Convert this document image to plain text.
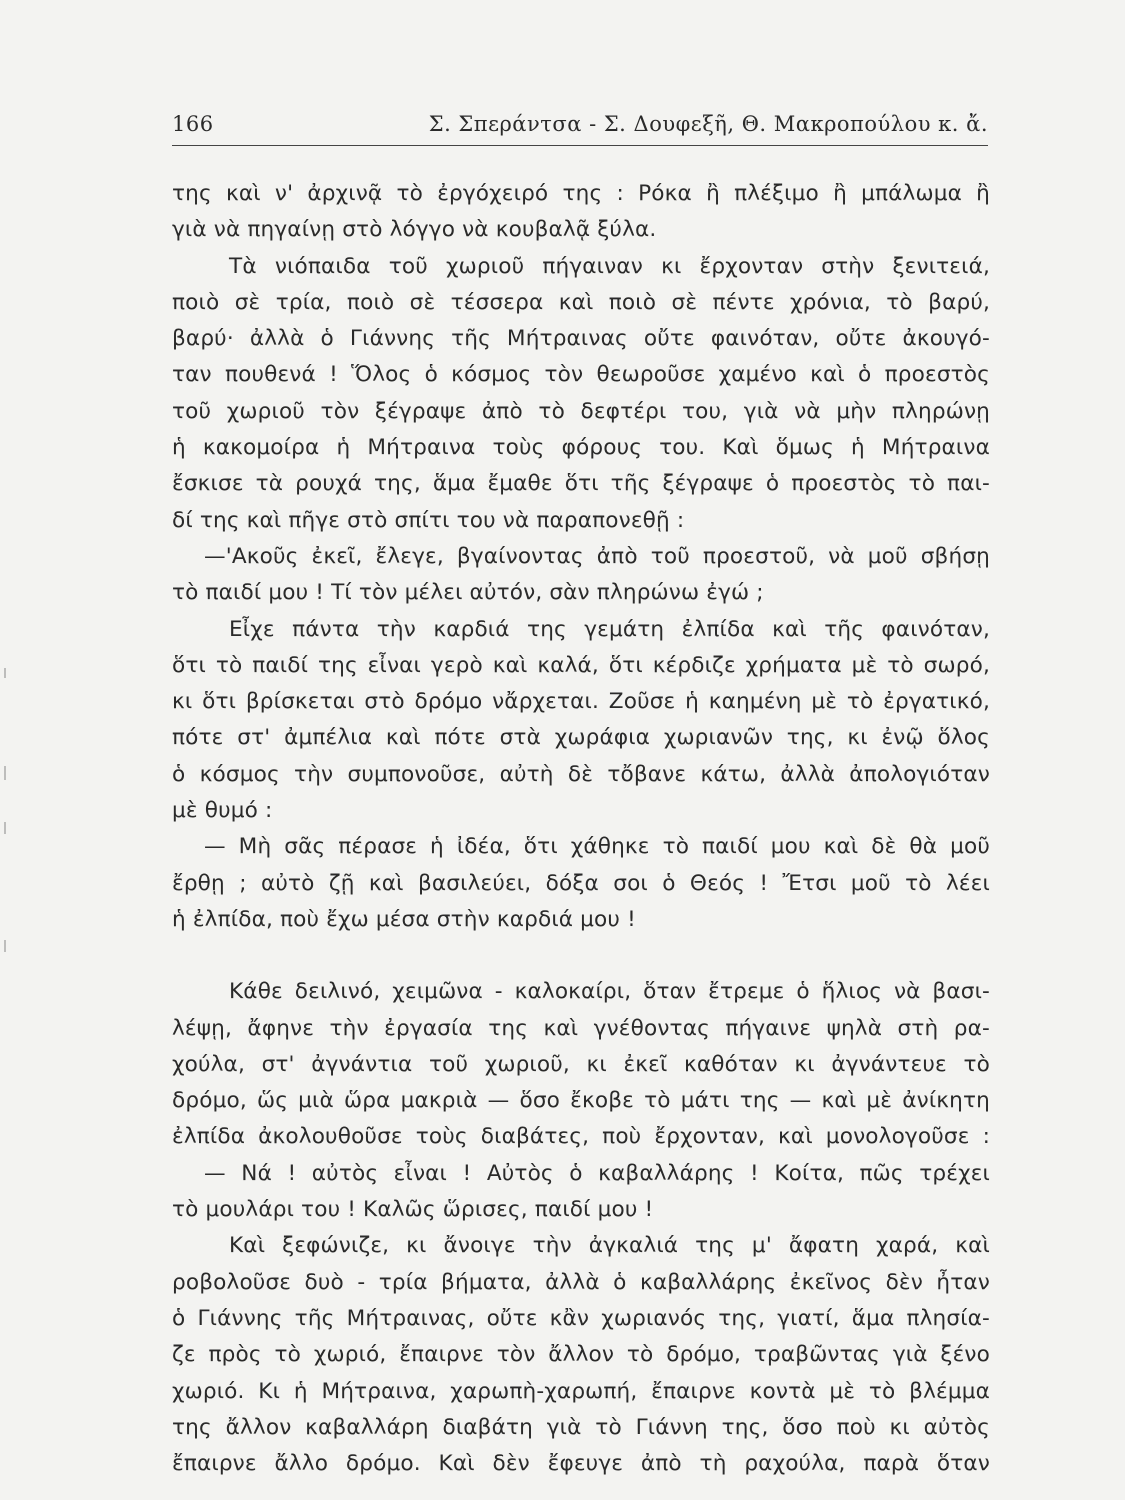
166	Σ. Σπεράντσα - Σ. Δουφεξῆ, Θ. Μακροπούλου κ. ἄ.

της καὶ ν' ἀρχινᾷ τὸ ἐργόχειρό της : Ρόκα ἢ πλέξιμο ἢ μπάλωμα ἢ

γιὰ νὰ πηγαίνῃ στὸ λόγγο νὰ κουβαλᾷ ξύλα.

Τὰ νιόπαιδα τοῦ χωριοῦ πήγαιναν κι ἔρχονταν στὴν ξενιτειά,

ποιὸ σὲ τρία, ποιὸ σὲ τέσσερα καὶ ποιὸ σὲ πέντε χρόνια, τὸ βαρύ,

βαρύ· ἀλλὰ ὁ Γιάννης τῆς Μήτραινας οὔτε φαινόταν, οὔτε ἀκουγό-

ταν πουθενά ! Ὅλος ὁ κόσμος τὸν θεωροῦσε χαμένο καὶ ὁ προεστὸς

τοῦ χωριοῦ τὸν ξέγραψε ἀπὸ τὸ δεφτέρι του, γιὰ νὰ μὴν πληρώνῃ

ἡ κακομοίρα ἡ Μήτραινα τοὺς φόρους του. Καὶ ὅμως ἡ Μήτραινα

ἔσκισε τὰ ρουχά της, ἅμα ἔμαθε ὅτι τῆς ξέγραψε ὁ προεστὸς τὸ παι-

δί της καὶ πῆγε στὸ σπίτι του νὰ παραπονεθῇ :

—'Ακοῦς ἐκεῖ, ἔλεγε, βγαίνοντας ἀπὸ τοῦ προεστοῦ, νὰ μοῦ σβήσῃ

τὸ παιδί μου ! Τί τὸν μέλει αὐτόν, σὰν πληρώνω ἐγώ ;

Εἶχε πάντα τὴν καρδιά της γεμάτη ἐλπίδα καὶ τῆς φαινόταν,

ὅτι τὸ παιδί της εἶναι γερὸ καὶ καλά, ὅτι κέρδιζε χρήματα μὲ τὸ σωρό,

κι ὅτι βρίσκεται στὸ δρόμο νἄρχεται. Ζοῦσε ἡ καημένη μὲ τὸ ἐργατικό,

πότε στ' ἀμπέλια καὶ πότε στὰ χωράφια χωριανῶν της, κι ἐνῷ ὅλος

ὁ κόσμος τὴν συμπονοῦσε, αὐτὴ δὲ τὄβανε κάτω, ἀλλὰ ἀπολογιόταν

μὲ θυμό :

— Μὴ σᾶς πέρασε ἡ ἰδέα, ὅτι χάθηκε τὸ παιδί μου καὶ δὲ θὰ μοῦ

ἔρθῃ ; αὐτὸ ζῇ καὶ βασιλεύει, δόξα σοι ὁ Θεός ! Ἔτσι μοῦ τὸ λέει

ἡ ἐλπίδα, ποὺ ἔχω μέσα στὴν καρδιά μου !

Κάθε δειλινό, χειμῶνα - καλοκαίρι, ὅταν ἔτρεμε ὁ ἥλιος νὰ βασι-

λέψῃ, ἄφηνε τὴν ἐργασία της καὶ γνέθοντας πήγαινε ψηλὰ στὴ ρα-

χούλα, στ' ἀγνάντια τοῦ χωριοῦ, κι ἐκεῖ καθόταν κι ἀγνάντευε τὸ

δρόμο, ὥς μιὰ ὥρα μακριὰ — ὅσο ἔκοβε τὸ μάτι της — καὶ μὲ ἀνίκητη

ἐλπίδα ἀκολουθοῦσε τοὺς διαβάτες, ποὺ ἔρχονταν, καὶ μονολογοῦσε :

— Νά ! αὐτὸς εἶναι ! Αὐτὸς ὁ καβαλλάρης ! Κοίτα, πῶς τρέχει

τὸ μουλάρι του ! Καλῶς ὥρισες, παιδί μου !

Καὶ ξεφώνιζε, κι ἄνοιγε τὴν ἀγκαλιά της μ' ἄφατη χαρά, καὶ

ροβολοῦσε δυὸ - τρία βήματα, ἀλλὰ ὁ καβαλλάρης ἐκεῖνος δὲν ἦταν

ὁ Γιάννης τῆς Μήτραινας, οὔτε κἂν χωριανός της, γιατί, ἅμα πλησία-

ζε πρὸς τὸ χωριό, ἔπαιρνε τὸν ἄλλον τὸ δρόμο, τραβῶντας γιὰ ξένο

χωριό. Κι ἡ Μήτραινα, χαρωπὴ-χαρωπή, ἔπαιρνε κοντὰ μὲ τὸ βλέμμα

της ἄλλον καβαλλάρη διαβάτη γιὰ τὸ Γιάννη της, ὅσο ποὺ κι αὐτὸς

ἔπαιρνε ἄλλο δρόμο. Καὶ δὲν ἔφευγε ἀπὸ τὴ ραχούλα, παρὰ ὅταν
